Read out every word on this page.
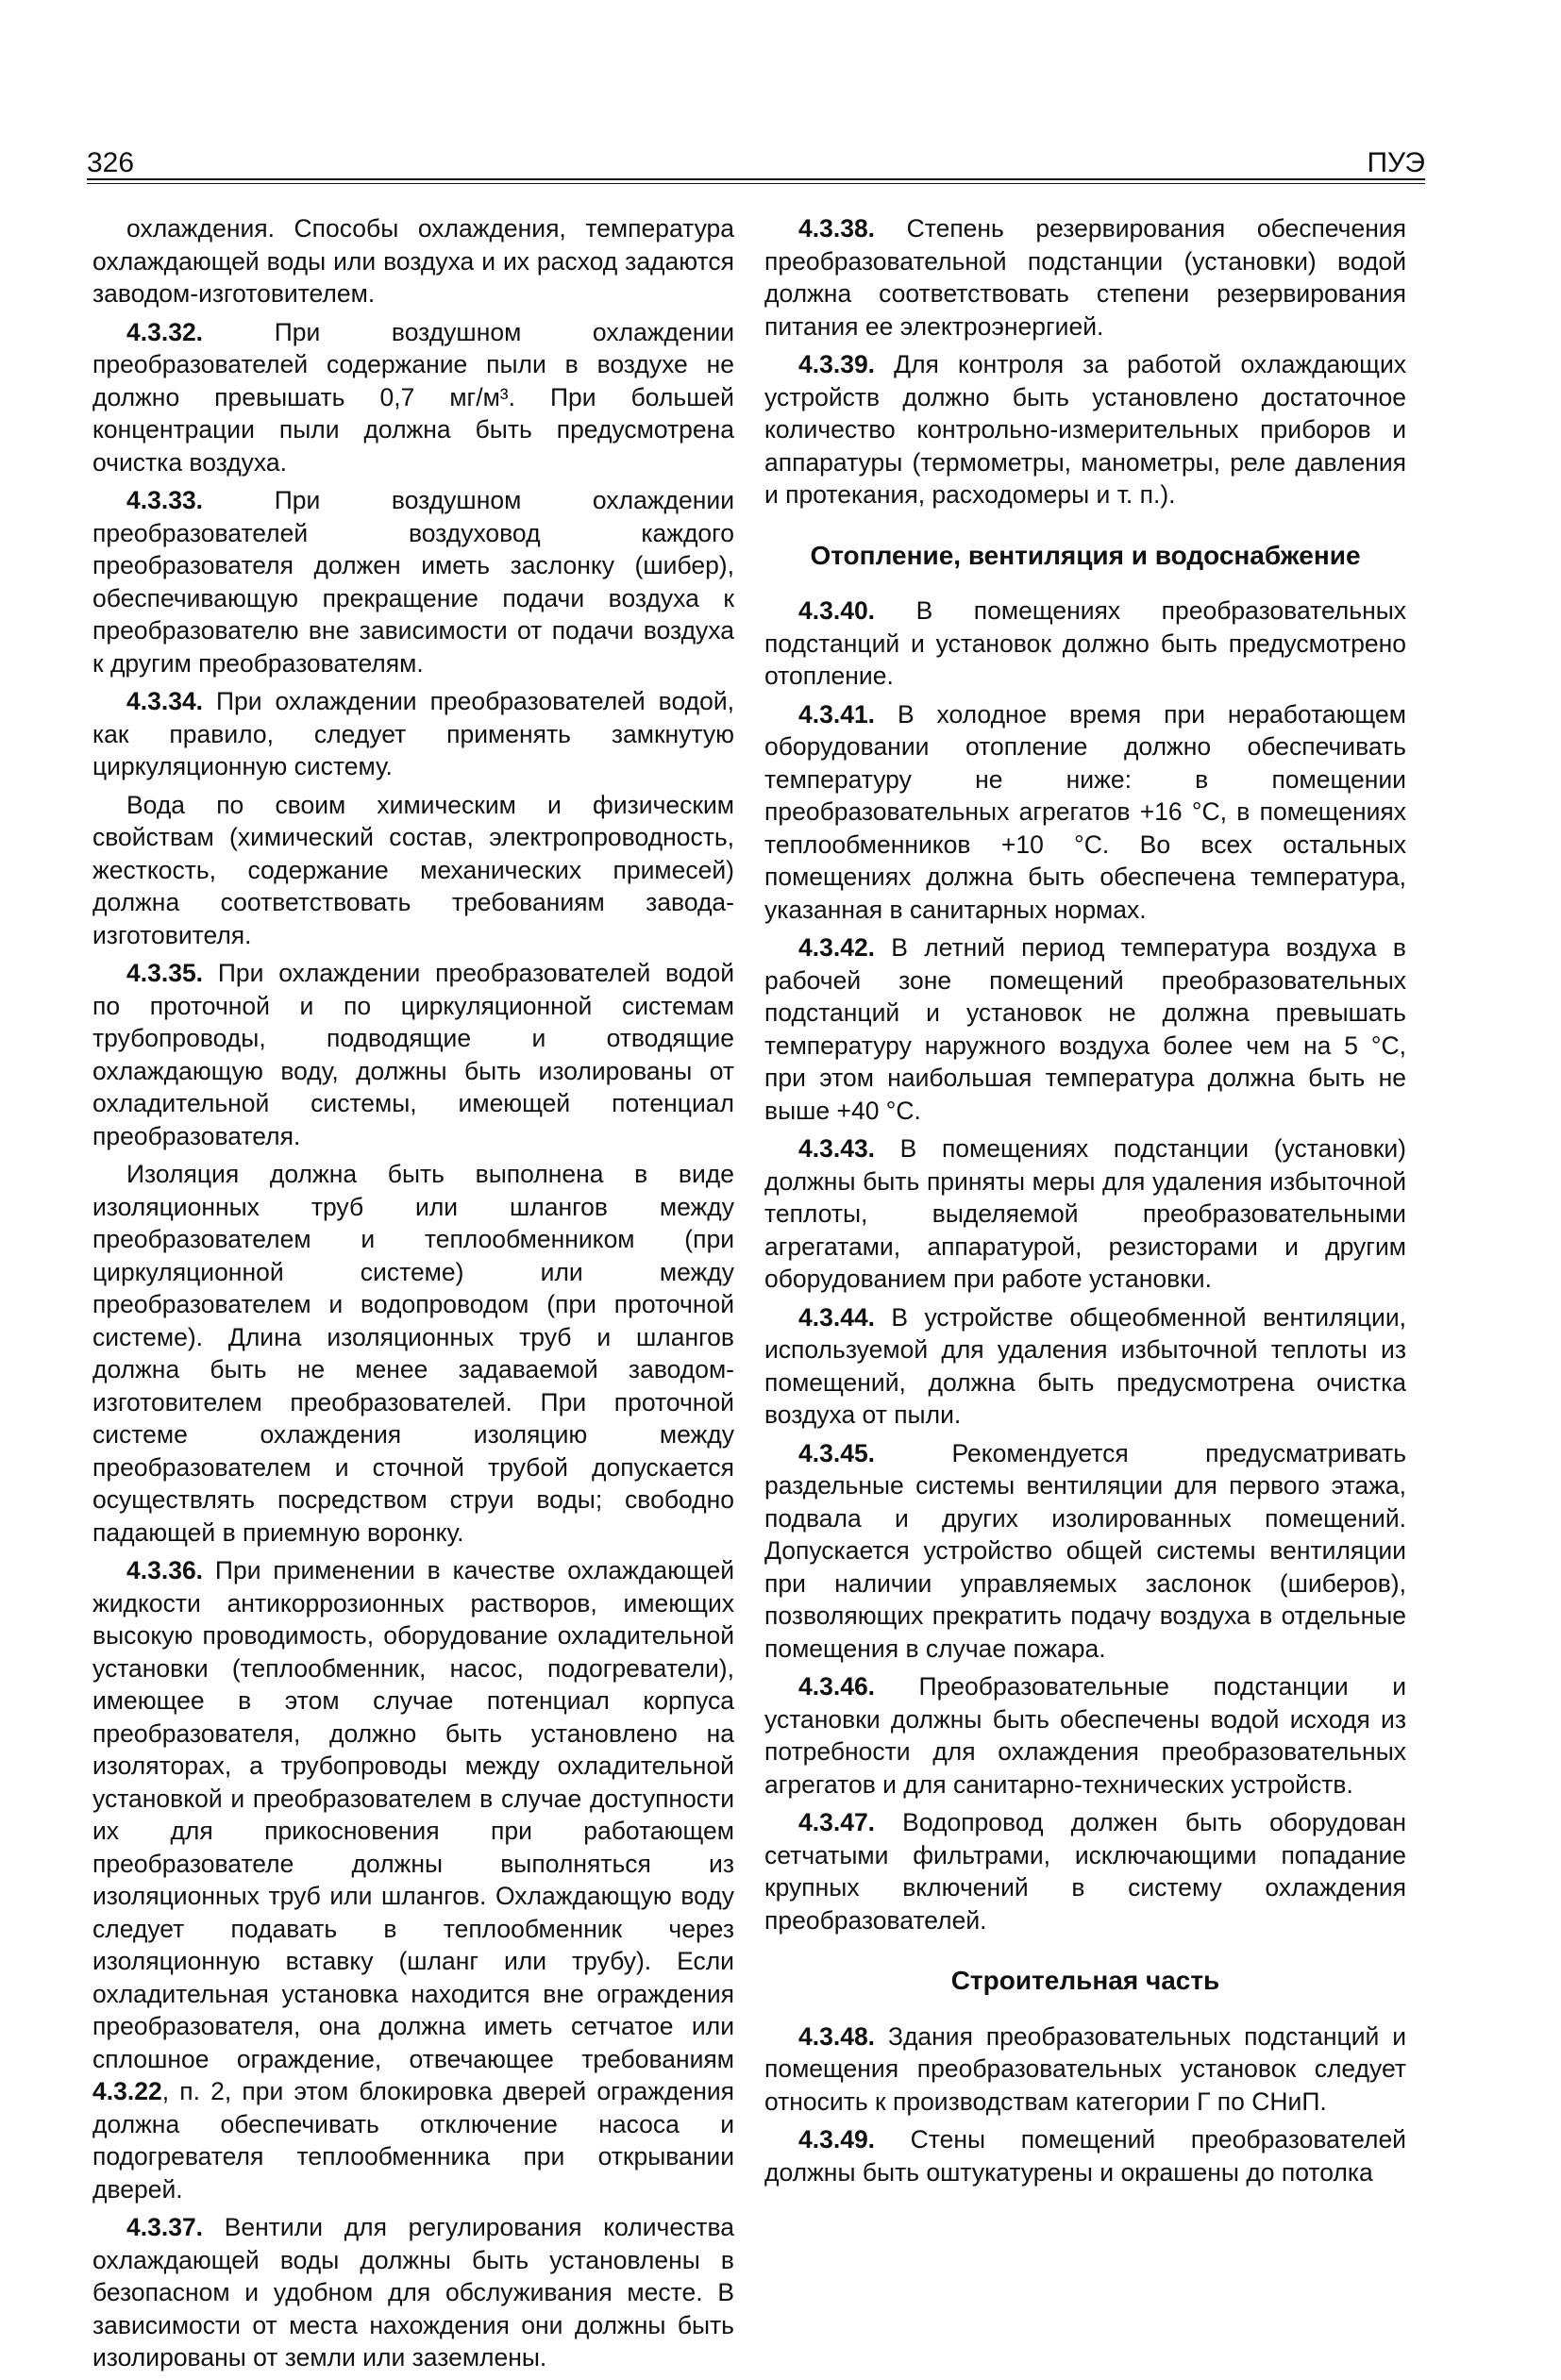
326	ПУЭ

охлаждения. Способы охлаждения, температура охлаждающей воды или воздуха и их расход задаются заводом-изготовителем.

4.3.32. При воздушном охлаждении преобразователей содержание пыли в воздухе не должно превышать 0,7 мг/м³. При большей концентрации пыли должна быть предусмотрена очистка воздуха.

4.3.33. При воздушном охлаждении преобразователей воздуховод каждого преобразователя должен иметь заслонку (шибер), обеспечивающую прекращение подачи воздуха к преобразователю вне зависимости от подачи воздуха к другим преобразователям.

4.3.34. При охлаждении преобразователей водой, как правило, следует применять замкнутую циркуляционную систему.

Вода по своим химическим и физическим свойствам (химический состав, электропроводность, жесткость, содержание механических примесей) должна соответствовать требованиям завода-изготовителя.

4.3.35. При охлаждении преобразователей водой по проточной и по циркуляционной системам трубопроводы, подводящие и отводящие охлаждающую воду, должны быть изолированы от охладительной системы, имеющей потенциал преобразователя.

Изоляция должна быть выполнена в виде изоляционных труб или шлангов между преобразователем и теплообменником (при циркуляционной системе) или между преобразователем и водопроводом (при проточной системе). Длина изоляционных труб и шлангов должна быть не менее задаваемой заводом-изготовителем преобразователей. При проточной системе охлаждения изоляцию между преобразователем и сточной трубой допускается осуществлять посредством струи воды; свободно падающей в приемную воронку.

4.3.36. При применении в качестве охлаждающей жидкости антикоррозионных растворов, имеющих высокую проводимость, оборудование охладительной установки (теплообменник, насос, подогреватели), имеющее в этом случае потенциал корпуса преобразователя, должно быть установлено на изоляторах, а трубопроводы между охладительной установкой и преобразователем в случае доступности их для прикосновения при работающем преобразователе должны выполняться из изоляционных труб или шлангов. Охлаждающую воду следует подавать в теплообменник через изоляционную вставку (шланг или трубу). Если охладительная установка находится вне ограждения преобразователя, она должна иметь сетчатое или сплошное ограждение, отвечающее требованиям 4.3.22, п. 2, при этом блокировка дверей ограждения должна обеспечивать отключение насоса и подогревателя теплообменника при открывании дверей.

4.3.37. Вентили для регулирования количества охлаждающей воды должны быть установлены в безопасном и удобном для обслуживания месте. В зависимости от места нахождения они должны быть изолированы от земли или заземлены.

4.3.38. Степень резервирования обеспечения преобразовательной подстанции (установки) водой должна соответствовать степени резервирования питания ее электроэнергией.

4.3.39. Для контроля за работой охлаждающих устройств должно быть установлено достаточное количество контрольно-измерительных приборов и аппаратуры (термометры, манометры, реле давления и протекания, расходомеры и т. п.).

Отопление, вентиляция и водоснабжение

4.3.40. В помещениях преобразовательных подстанций и установок должно быть предусмотрено отопление.

4.3.41. В холодное время при неработающем оборудовании отопление должно обеспечивать температуру не ниже: в помещении преобразовательных агрегатов +16 °С, в помещениях теплообменников +10 °С. Во всех остальных помещениях должна быть обеспечена температура, указанная в санитарных нормах.

4.3.42. В летний период температура воздуха в рабочей зоне помещений преобразовательных подстанций и установок не должна превышать температуру наружного воздуха более чем на 5 °С, при этом наибольшая температура должна быть не выше +40 °С.

4.3.43. В помещениях подстанции (установки) должны быть приняты меры для удаления избыточной теплоты, выделяемой преобразовательными агрегатами, аппаратурой, резисторами и другим оборудованием при работе установки.

4.3.44. В устройстве общеобменной вентиляции, используемой для удаления избыточной теплоты из помещений, должна быть предусмотрена очистка воздуха от пыли.

4.3.45. Рекомендуется предусматривать раздельные системы вентиляции для первого этажа, подвала и других изолированных помещений. Допускается устройство общей системы вентиляции при наличии управляемых заслонок (шиберов), позволяющих прекратить подачу воздуха в отдельные помещения в случае пожара.

4.3.46. Преобразовательные подстанции и установки должны быть обеспечены водой исходя из потребности для охлаждения преобразовательных агрегатов и для санитарно-технических устройств.

4.3.47. Водопровод должен быть оборудован сетчатыми фильтрами, исключающими попадание крупных включений в систему охлаждения преобразователей.

Строительная часть

4.3.48. Здания преобразовательных подстанций и помещения преобразовательных установок следует относить к производствам категории Г по СНиП.

4.3.49. Стены помещений преобразователей должны быть оштукатурены и окрашены до потолка
